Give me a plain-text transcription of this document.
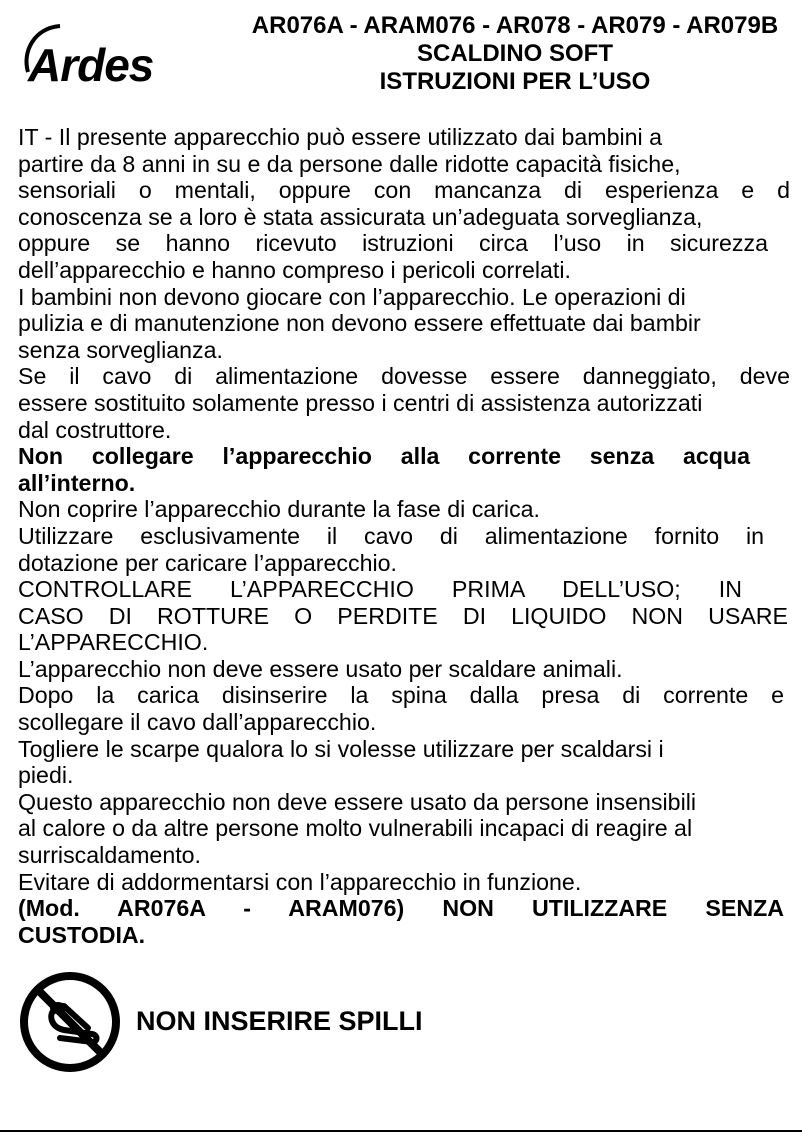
Ardes
AR076A - ARAM076 - AR078 - AR079 - AR079B
SCALDINO SOFT
ISTRUZIONI PER L’USO
IT - Il presente apparecchio può essere utilizzato dai bambini a
partire da 8 anni in su e da persone dalle ridotte capacità fisiche,
sensoriali o mentali, oppure con mancanza di esperienza e d
conoscenza se a loro è stata assicurata un’adeguata sorveglianza,
oppure se hanno ricevuto istruzioni circa l’uso in sicurezza
dell’apparecchio e hanno compreso i pericoli correlati.
I bambini non devono giocare con l’apparecchio. Le operazioni di
pulizia e di manutenzione non devono essere effettuate dai bambir
senza sorveglianza.
Se il cavo di alimentazione dovesse essere danneggiato, deve
essere sostituito solamente presso i centri di assistenza autorizzati
dal costruttore.
Non collegare l’apparecchio alla corrente senza acqua
all’interno.
Non coprire l’apparecchio durante la fase di carica.
Utilizzare esclusivamente il cavo di alimentazione fornito in
dotazione per caricare l’apparecchio.
CONTROLLARE L’APPARECCHIO PRIMA DELL’USO; IN
CASO DI ROTTURE O PERDITE DI LIQUIDO NON USARE
L’APPARECCHIO.
L’apparecchio non deve essere usato per scaldare animali.
Dopo la carica disinserire la spina dalla presa di corrente e
scollegare il cavo dall’apparecchio.
Togliere le scarpe qualora lo si volesse utilizzare per scaldarsi i
piedi.
Questo apparecchio non deve essere usato da persone insensibili
al calore o da altre persone molto vulnerabili incapaci di reagire al
surriscaldamento.
Evitare di addormentarsi con l’apparecchio in funzione.
(Mod. AR076A - ARAM076) NON UTILIZZARE SENZA
CUSTODIA.
NON INSERIRE SPILLI
